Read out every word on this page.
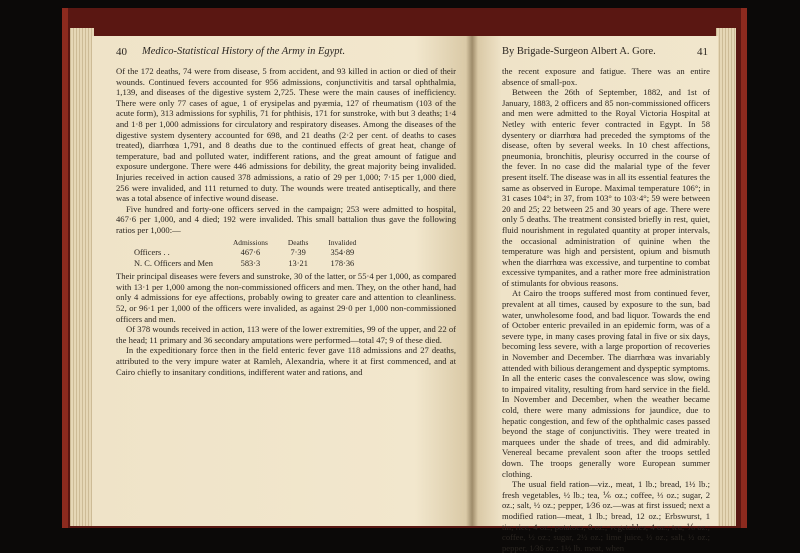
40 Medico-Statistical History of the Army in Egypt.

Of the 172 deaths, 74 were from disease, 5 from accident, and 93 killed in action or died of their wounds. Continued fevers accounted for 956 admissions, conjunctivitis and tarsal ophthalmia, 1,139, and diseases of the digestive system 2,725. These were the main causes of inefficiency. There were only 77 cases of ague, 1 of erysipelas and pyæmia, 127 of rheumatism (103 of the acute form), 313 admissions for syphilis, 71 for phthisis, 171 for sunstroke, with but 3 deaths; 1·4 and 1·8 per 1,000 admissions for circulatory and respiratory diseases. Among the diseases of the digestive system dysentery accounted for 698, and 21 deaths (2·2 per cent. of deaths to cases treated), diarrhœa 1,791, and 8 deaths due to the continued effects of great heat, change of temperature, bad and polluted water, indifferent rations, and the great amount of fatigue and exposure undergone. There were 446 admissions for debility, the great majority being invalided. Injuries received in action caused 378 admissions, a ratio of 29 per 1,000; 7·15 per 1,000 died, 256 were invalided, and 111 returned to duty. The wounds were treated antiseptically, and there was a total absence of infective wound disease.

Five hundred and forty-one officers served in the campaign; 253 were admitted to hospital, 467·6 per 1,000, and 4 died; 192 were invalided. This small battalion thus gave the following ratios per 1,000:—

	Admissions	Deaths	Invalided
Officers . .	467·6	7·39	354·89
N. C. Officers and Men	583·3	13·21	178·36

Their principal diseases were fevers and sunstroke, 30 of the latter, or 55·4 per 1,000, as compared with 13·1 per 1,000 among the non-commissioned officers and men. They, on the other hand, had only 4 admissions for eye affections, probably owing to greater care and attention to cleanliness. 52, or 96·1 per 1,000 of the officers were invalided, as against 29·0 per 1,000 non-commissioned officers and men.

Of 378 wounds received in action, 113 were of the lower extremities, 99 of the upper, and 22 of the head; 11 primary and 36 secondary amputations were performed—total 47; 9 of these died.

In the expeditionary force then in the field enteric fever gave 118 admissions and 27 deaths, attributed to the very impure water at Ramleh, Alexandria, where it at first commenced, and at Cairo chiefly to insanitary conditions, indifferent water and rations, and

By Brigade-Surgeon Albert A. Gore.	41

the recent exposure and fatigue. There was an entire absence of small-pox.

Between the 26th of September, 1882, and 1st of January, 1883, 2 officers and 85 non-commissioned officers and men were admitted to the Royal Victoria Hospital at Netley with enteric fever contracted in Egypt. In 58 dysentery or diarrhœa had preceded the symptoms of the disease, often by several weeks. In 10 chest affections, pneumonia, bronchitis, pleurisy occurred in the course of the fever. In no case did the malarial type of the fever present itself. The disease was in all its essential features the same as observed in Europe. Maximal temperature 106°; in 31 cases 104°; in 37, from 103° to 103·4°; 59 were between 20 and 25; 22 between 25 and 30 years of age. There were only 5 deaths. The treatment consisted briefly in rest, quiet, fluid nourishment in regulated quantity at proper intervals, the occasional administration of quinine when the temperature was high and persistent, opium and bismuth when the diarrhœa was excessive, and turpentine to combat excessive tympanites, and a rather more free administration of stimulants for obvious reasons.

At Cairo the troops suffered most from continued fever, prevalent at all times, caused by exposure to the sun, bad water, unwholesome food, and bad liquor. Towards the end of October enteric prevailed in an epidemic form, was of a severe type, in many cases proving fatal in five or six days, becoming less severe, with a large proportion of recoveries in November and December. The diarrhœa was invariably attended with bilious derangement and dyspeptic symptoms. In all the enteric cases the convalescence was slow, owing to impaired vitality, resulting from hard service in the field. In November and December, when the weather became cold, there were many admissions for jaundice, due to hepatic congestion, and few of the ophthalmic cases passed beyond the stage of conjunctivitis. They were treated in marquees under the shade of trees, and did admirably. Venereal became prevalent soon after the troops settled down. The troops generally wore European summer clothing.

The usual field ration—viz., meat, 1 lb.; bread, 1½ lb.; fresh vegetables, ½ lb.; tea, ⅙ oz.; coffee, ⅓ oz.; sugar, 2 oz.; salt, ½ oz.; pepper, 1⁄36 oz.—was at first issued; next a modified ration—meat, 1 lb.; bread, 12 oz.; Erbswurst, 1 tin; rice, 4 oz.; potatoes, 8 oz.; vegetables, 4 oz.; tea, ⅙ oz.; coffee, ½ oz.; sugar, 2½ oz.; lime juice, ½ oz.; salt, ½ oz.; pepper, 1⁄36 oz.; 1½ lb. meat, when
